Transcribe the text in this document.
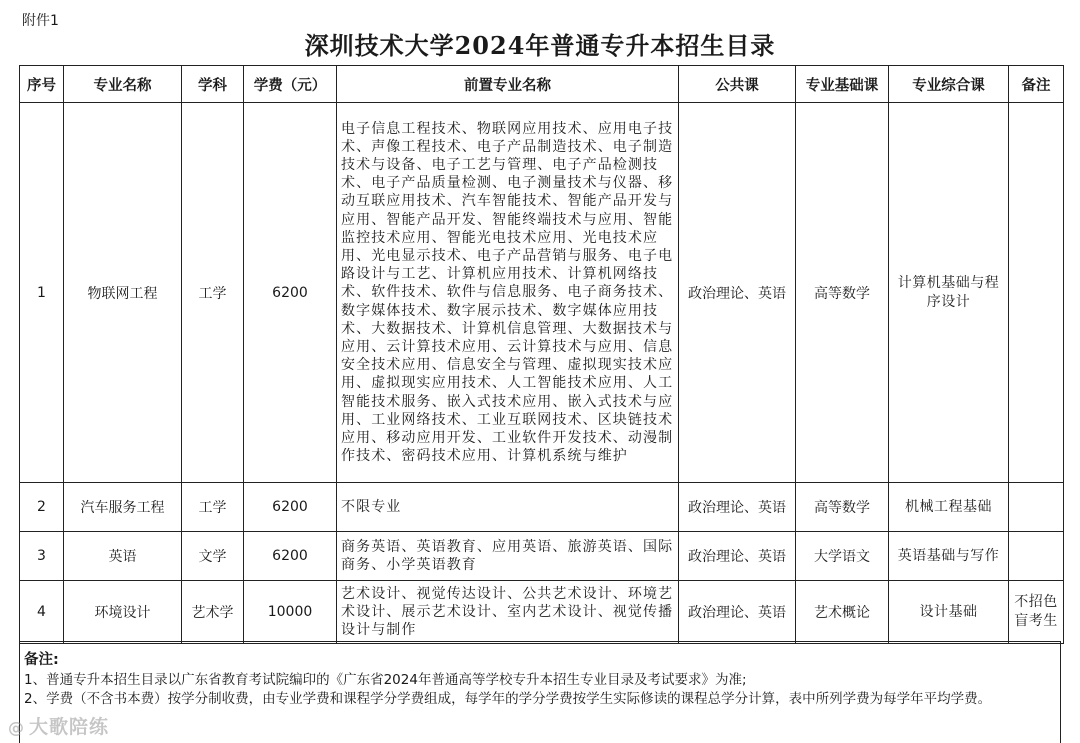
附件1
深圳技术大学2024年普通专升本招生目录
序号	专业名称	学科	学费（元）	前置专业名称	公共课	专业基础课	专业综合课	备注
1	物联网工程	工学	6200	电子信息工程技术、物联网应用技术、应用电子技术、声像工程技术、电子产品制造技术、电子制造技术与设备、电子工艺与管理、电子产品检测技术、电子产品质量检测、电子测量技术与仪器、移动互联应用技术、汽车智能技术、智能产品开发与应用、智能产品开发、智能终端技术与应用、智能监控技术应用、智能光电技术应用、光电技术应用、光电显示技术、电子产品营销与服务、电子电路设计与工艺、计算机应用技术、计算机网络技术、软件技术、软件与信息服务、电子商务技术、数字媒体技术、数字展示技术、数字媒体应用技术、大数据技术、计算机信息管理、大数据技术与应用、云计算技术应用、云计算技术与应用、信息安全技术应用、信息安全与管理、虚拟现实技术应用、虚拟现实应用技术、人工智能技术应用、人工智能技术服务、嵌入式技术应用、嵌入式技术与应用、工业网络技术、工业互联网技术、区块链技术应用、移动应用开发、工业软件开发技术、动漫制作技术、密码技术应用、计算机系统与维护	政治理论、英语	高等数学	计算机基础与程序设计	
2	汽车服务工程	工学	6200	不限专业	政治理论、英语	高等数学	机械工程基础	
3	英语	文学	6200	商务英语、英语教育、应用英语、旅游英语、国际商务、小学英语教育	政治理论、英语	大学语文	英语基础与写作	
4	环境设计	艺术学	10000	艺术设计、视觉传达设计、公共艺术设计、环境艺术设计、展示艺术设计、室内艺术设计、视觉传播设计与制作	政治理论、英语	艺术概论	设计基础	不招色盲考生
备注:
1、普通专升本招生目录以广东省教育考试院编印的《广东省2024年普通高等学校专升本招生专业目录及考试要求》为准;
2、学费（不含书本费）按学分制收费，由专业学费和课程学分学费组成，每学年的学分学费按学生实际修读的课程总学分计算，表中所列学费为每学年平均学费。
@ 大歌陪练
